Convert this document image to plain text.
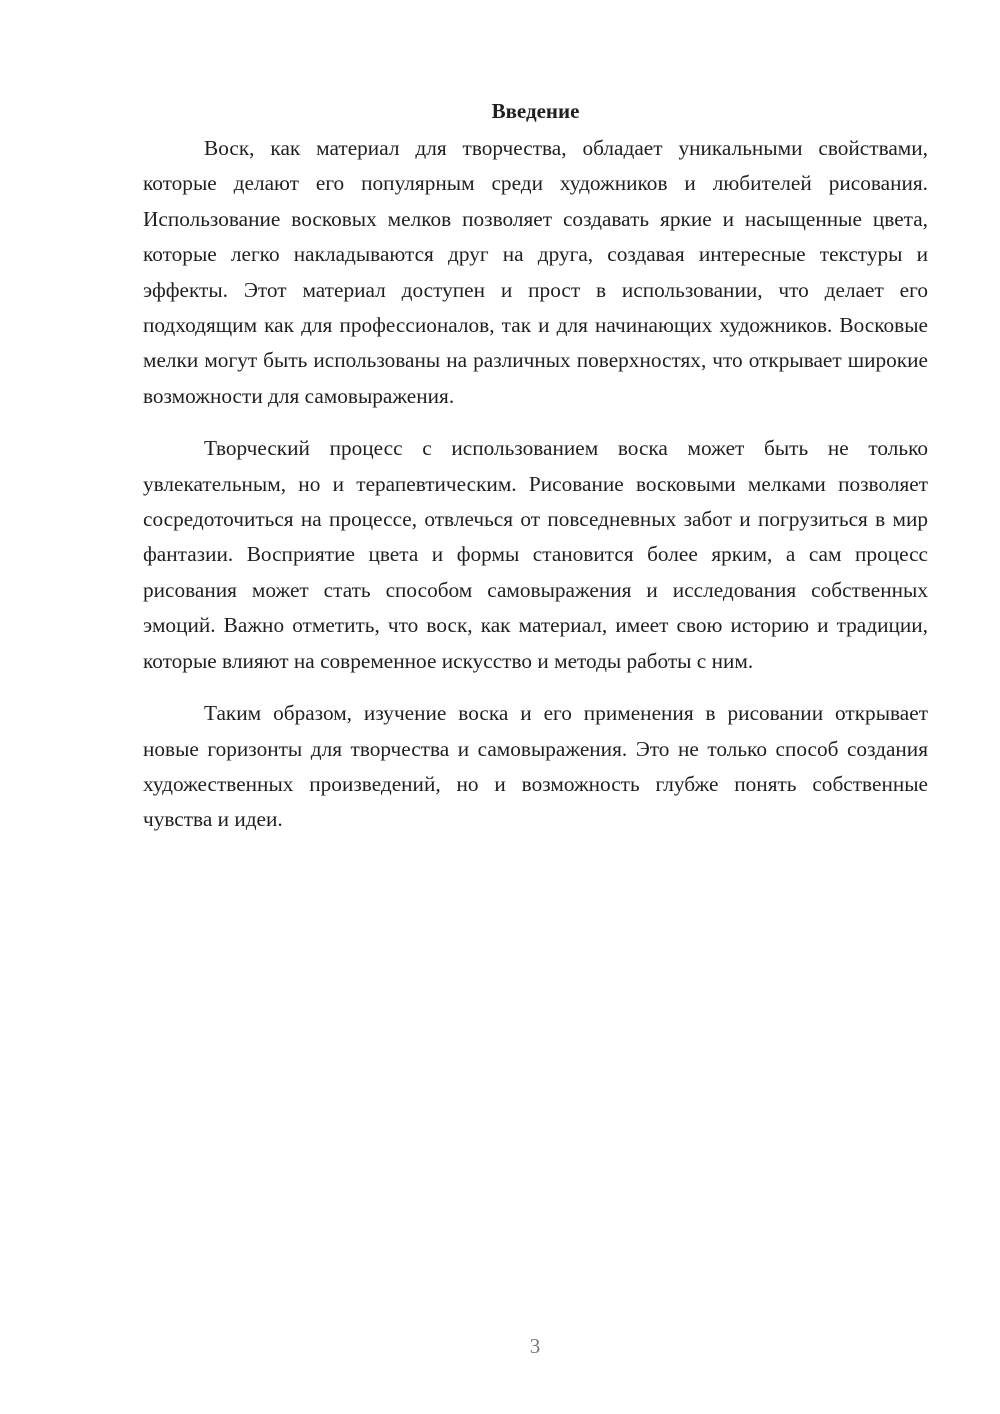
Введение

Воск, как материал для творчества, обладает уникальными свойствами, которые делают его популярным среди художников и любителей рисования. Использование восковых мелков позволяет создавать яркие и насыщенные цвета, которые легко накладываются друг на друга, создавая интересные текстуры и эффекты. Этот материал доступен и прост в использовании, что делает его подходящим как для профессионалов, так и для начинающих художников. Восковые мелки могут быть использованы на различных поверхностях, что открывает широкие возможности для самовыражения.

Творческий процесс с использованием воска может быть не только увлекательным, но и терапевтическим. Рисование восковыми мелками позволяет сосредоточиться на процессе, отвлечься от повседневных забот и погрузиться в мир фантазии. Восприятие цвета и формы становится более ярким, а сам процесс рисования может стать способом самовыражения и исследования собственных эмоций. Важно отметить, что воск, как материал, имеет свою историю и традиции, которые влияют на современное искусство и методы работы с ним.

Таким образом, изучение воска и его применения в рисовании открывает новые горизонты для творчества и самовыражения. Это не только способ создания художественных произведений, но и возможность глубже понять собственные чувства и идеи.

3
